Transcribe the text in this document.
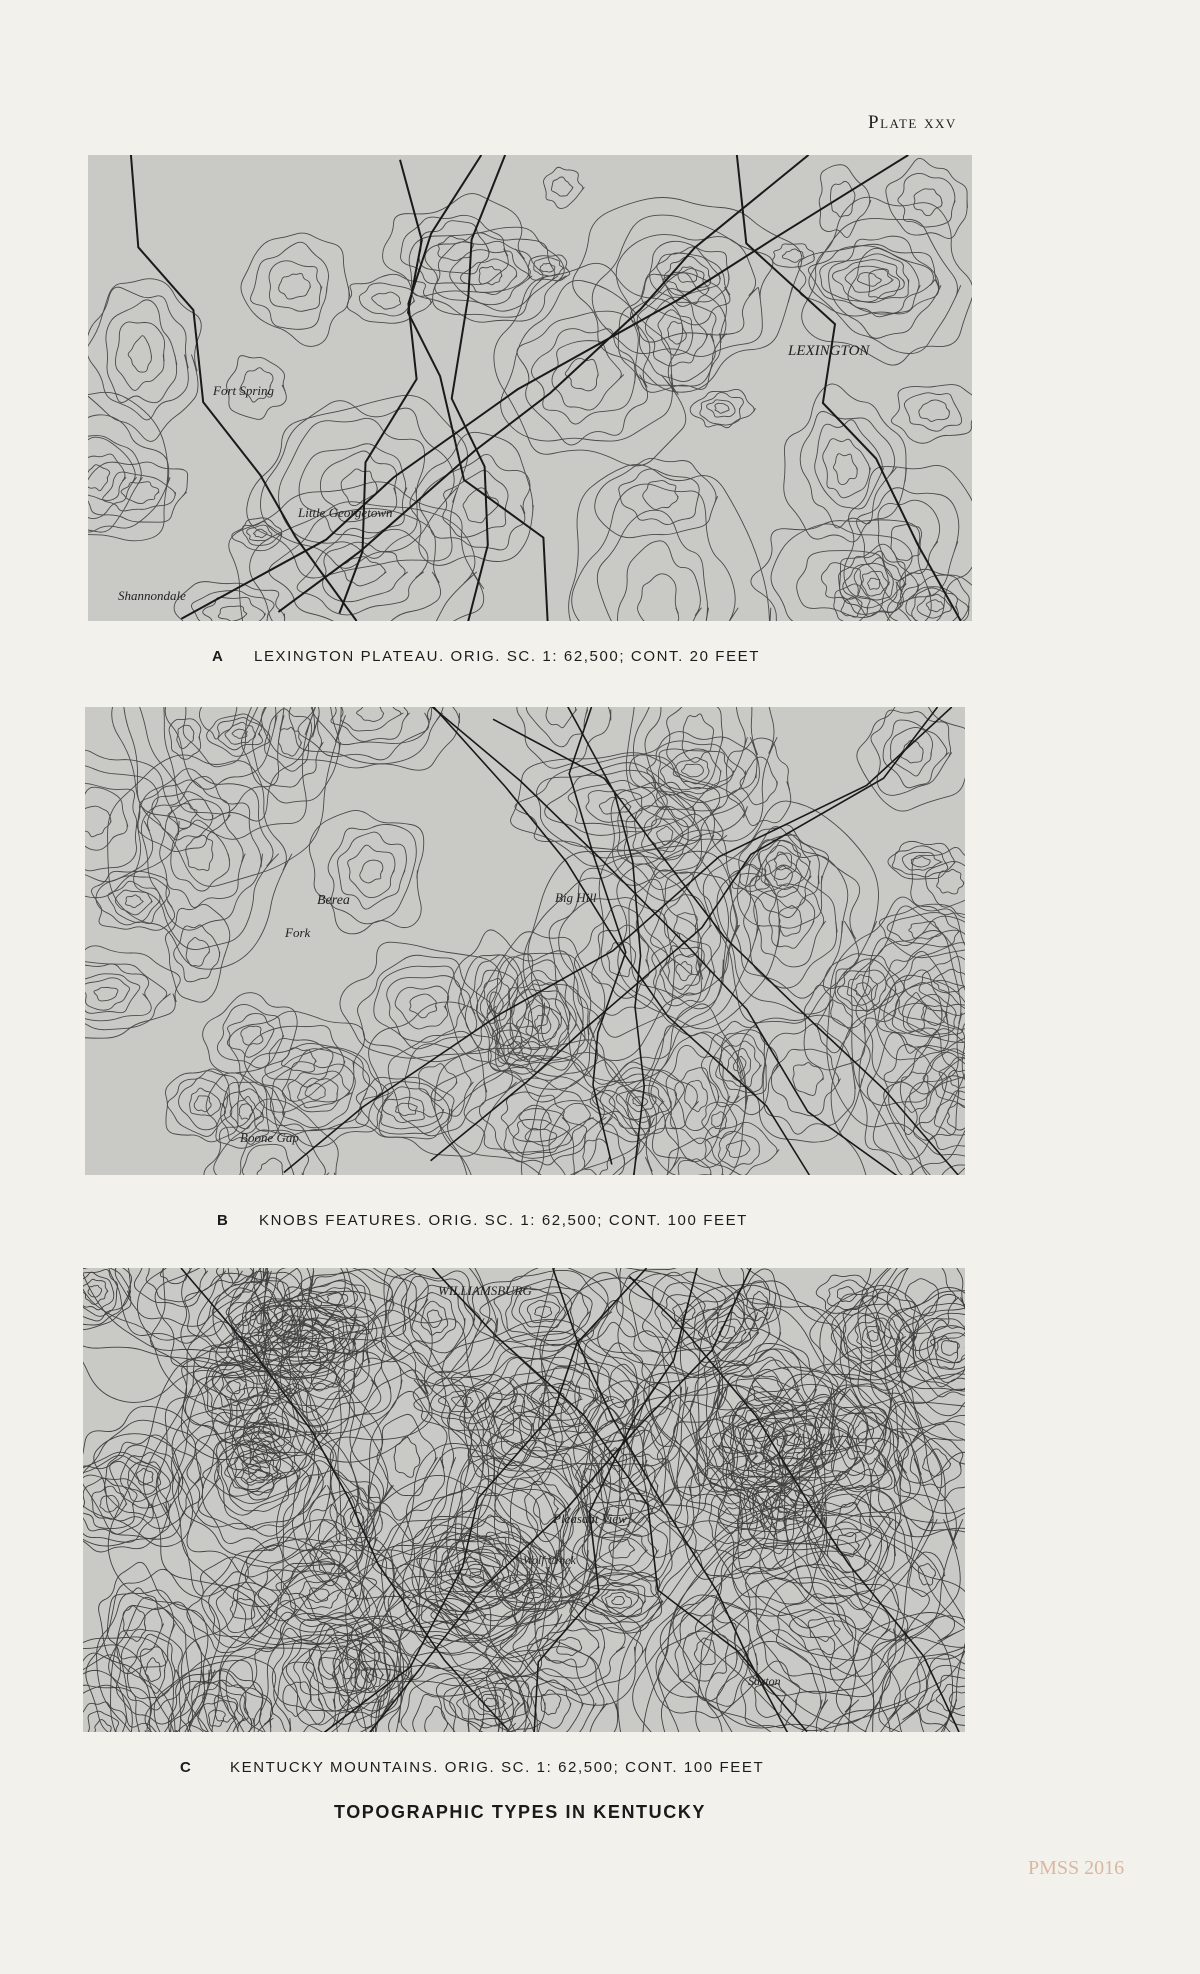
Plate xxv
LEXINGTON
Shannondale
Fort Spring
Little Georgetown
A LEXINGTON PLATEAU. ORIG. SC. 1: 62,500; CONT. 20 FEET
Berea	Big Hill
Fork
Boone Gap
B KNOBS FEATURES. ORIG. SC. 1: 62,500; CONT. 100 FEET
WILLIAMSBURG
Pleasant View
Saxton
Wolf Creek
C	KENTUCKY MOUNTAINS. ORIG. SC. 1: 62,500; CONT. 100 FEET
TOPOGRAPHIC TYPES IN KENTUCKY
PMSS 2016
